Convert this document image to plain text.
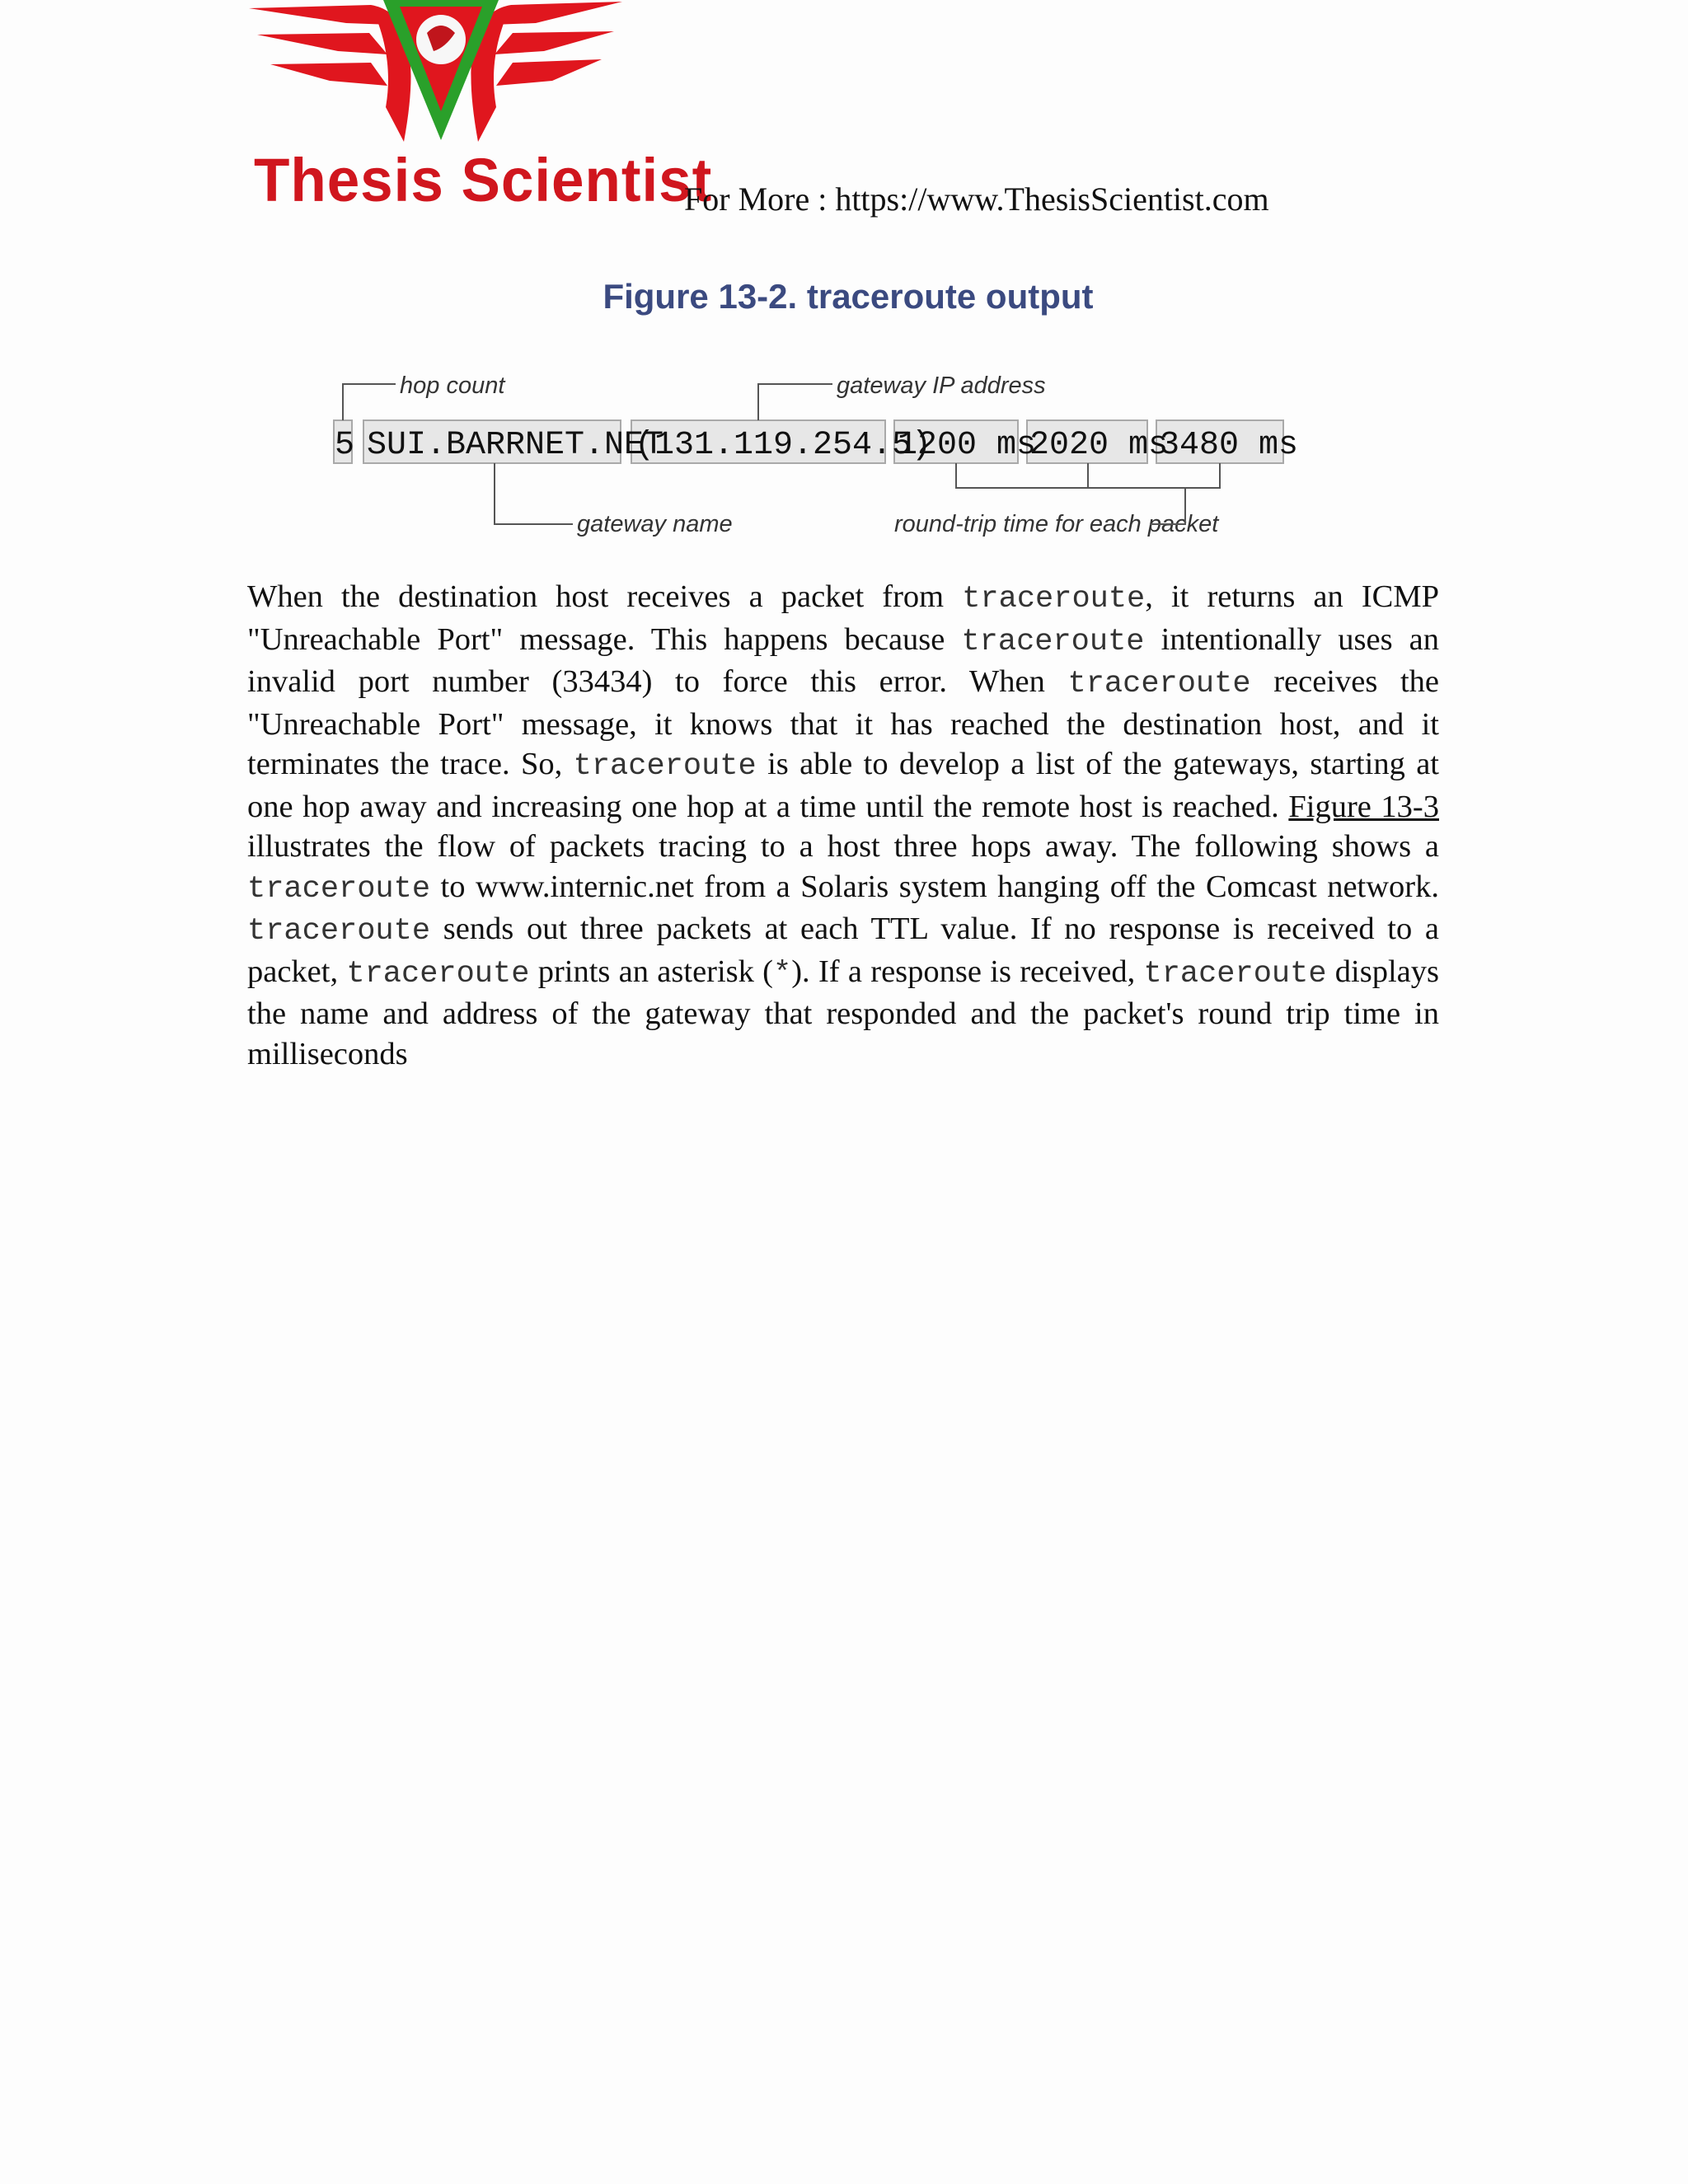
Thesis Scientist
For More : https://www.ThesisScientist.com
Figure 13-2. traceroute output
hop count	gateway IP address
gateway name	round-trip time for each packet
5 SUI.BARRNET.NET
(131.119.254.5)
1200 ms
2020 ms
3480 ms
When the destination host receives a packet from traceroute, it returns an ICMP "Unreachable Port" message. This happens because traceroute intentionally uses an invalid port number (33434) to force this error. When traceroute receives the "Unreachable Port" message, it knows that it has reached the destination host, and it terminates the trace. So, traceroute is able to develop a list of the gateways, starting at one hop away and increasing one hop at a time until the remote host is reached. Figure 13-3 illustrates the flow of packets tracing to a host three hops away. The following shows a traceroute to www.internic.net from a Solaris system hanging off the Comcast network. traceroute sends out three packets at each TTL value. If no response is received to a packet, traceroute prints an asterisk (*). If a response is received, traceroute displays the name and address of the gateway that responded and the packet's round trip time in milliseconds
